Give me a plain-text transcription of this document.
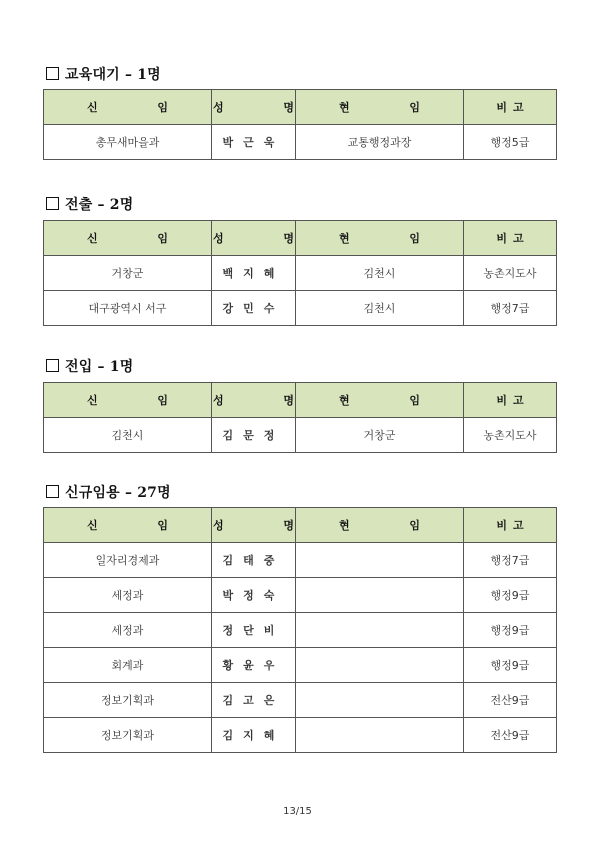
교육대기 – 1명
신 임	성 명	현 임	비고
총무새마을과	박근욱	교통행정과장	행정5급
전출 – 2명
신 임	성 명	현 임	비고
거창군	백지혜	김천시	농촌지도사
대구광역시 서구	강민수	김천시	행정7급
전입 – 1명
신 임	성 명	현 임	비고
김천시	김문정	거창군	농촌지도사
신규임용 – 27명
신 임	성 명	현 임	비고
일자리경제과	김태중		행정7급
세정과	박정숙		행정9급
세정과	정단비		행정9급
회계과	황윤우		행정9급
정보기획과	김고은		전산9급
정보기획과	김지혜		전산9급
13/15
